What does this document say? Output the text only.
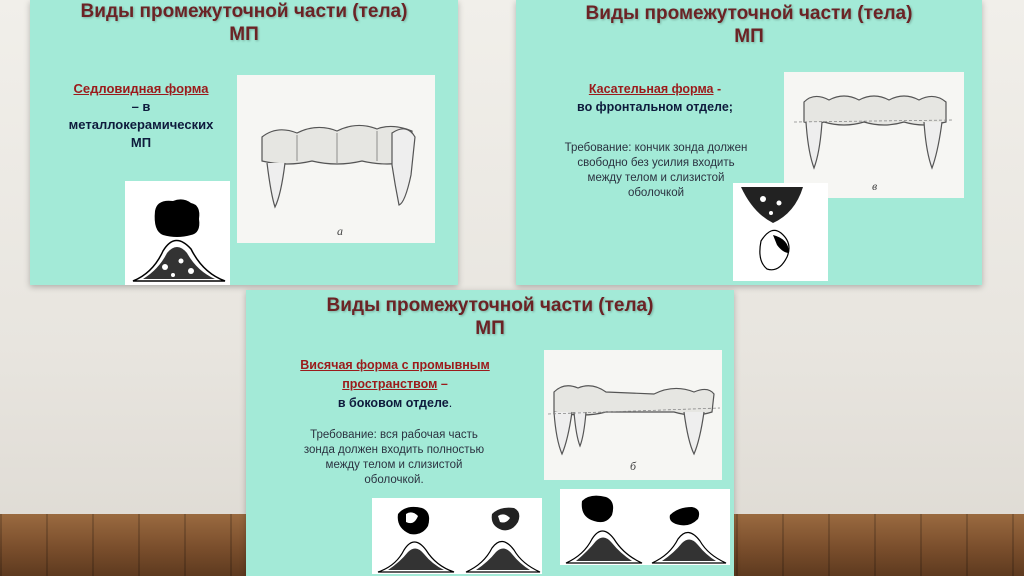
Виды промежуточной части (тела)
МП
Седловидная форма
– в
металлокерамических
МП
а
Виды промежуточной части (тела)
МП
Касательная форма -
во фронтальном отделе;
Требование: кончик зонда должен
свободно без усилия входить
между телом и слизистой
оболочкой	в
Виды промежуточной части (тела)
МП
Висячая форма с промывным
пространством –
в боковом отделе.
Требование: вся рабочая часть
зонда должен входить полностью
между телом и слизистой
оболочкой.
б
